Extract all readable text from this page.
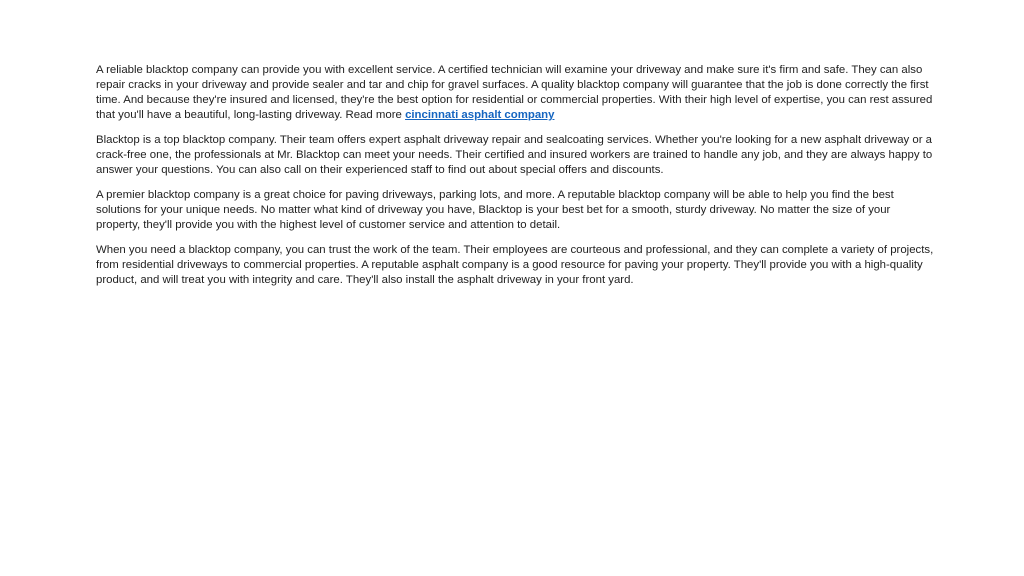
A reliable blacktop company can provide you with excellent service. A certified technician will examine your driveway and make sure it's firm and safe. They can also repair cracks in your driveway and provide sealer and tar and chip for gravel surfaces. A quality blacktop company will guarantee that the job is done correctly the first time. And because they're insured and licensed, they're the best option for residential or commercial properties. With their high level of expertise, you can rest assured that you'll have a beautiful, long-lasting driveway. Read more cincinnati asphalt company

Blacktop is a top blacktop company. Their team offers expert asphalt driveway repair and sealcoating services. Whether you're looking for a new asphalt driveway or a crack-free one, the professionals at Mr. Blacktop can meet your needs. Their certified and insured workers are trained to handle any job, and they are always happy to answer your questions. You can also call on their experienced staff to find out about special offers and discounts.

A premier blacktop company is a great choice for paving driveways, parking lots, and more. A reputable blacktop company will be able to help you find the best solutions for your unique needs. No matter what kind of driveway you have, Blacktop is your best bet for a smooth, sturdy driveway. No matter the size of your property, they'll provide you with the highest level of customer service and attention to detail.

When you need a blacktop company, you can trust the work of the team. Their employees are courteous and professional, and they can complete a variety of projects, from residential driveways to commercial properties. A reputable asphalt company is a good resource for paving your property. They'll provide you with a high-quality product, and will treat you with integrity and care. They'll also install the asphalt driveway in your front yard.
